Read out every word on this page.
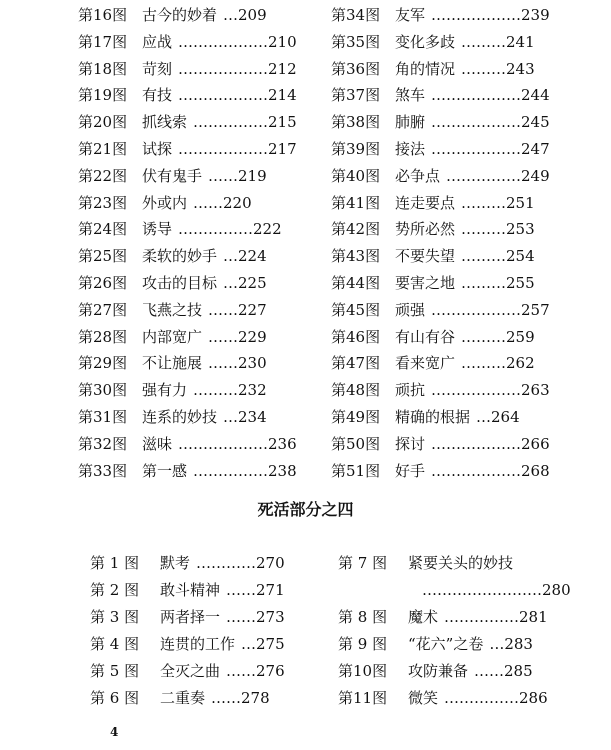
第16图 古今的妙着 … 209
第17图 应战 ……………… 210
第18图 苛刻 ……………… 212
第19图 有技 ……………… 214
第20图 抓线索 …………… 215
第21图 试探 ……………… 217
第22图 伏有鬼手 …… 219
第23图 外或内 …… 220
第24图 诱导 …………… 222
第25图 柔软的妙手 … 224
第26图 攻击的目标 … 225
第27图 飞燕之技 …… 227
第28图 内部宽广 …… 229
第29图 不让施展 …… 230
第30图 强有力 ……… 232
第31图 连系的妙技 … 234
第32图 滋味 ……………… 236
第33图 第一感 …………… 238
第34图 友军 ……………… 239
第35图 变化多歧 ……… 241
第36图 角的情况 ……… 243
第37图 煞车 ……………… 244
第38图 肺腑 ……………… 245
第39图 接法 ……………… 247
第40图 必争点 …………… 249
第41图 连走要点 ……… 251
第42图 势所必然 ……… 253
第43图 不要失望 ……… 254
第44图 要害之地 ……… 255
第45图 顽强 ……………… 257
第46图 有山有谷 ……… 259
第47图 看来宽广 ……… 262
第48图 顽抗 ……………… 263
第49图 精确的根据 … 264
第50图 探讨 ……………… 266
第51图 好手 ……………… 268
死活部分之四
第 1 图	默考 ………… 270
第 2 图	敢斗精神 …… 271
第 3 图	两者择一 …… 273
第 4 图	连贯的工作 … 275
第 5 图	全灭之曲 …… 276
第 6 图	二重奏 …… 278
第 7 图	紧要关头的妙技
…………………… 280
第 8 图	魔术 …………… 281
第 9 图	“花六”之卷 … 283
第10图	攻防兼备 …… 285
第11图	微笑 …………… 286
4
